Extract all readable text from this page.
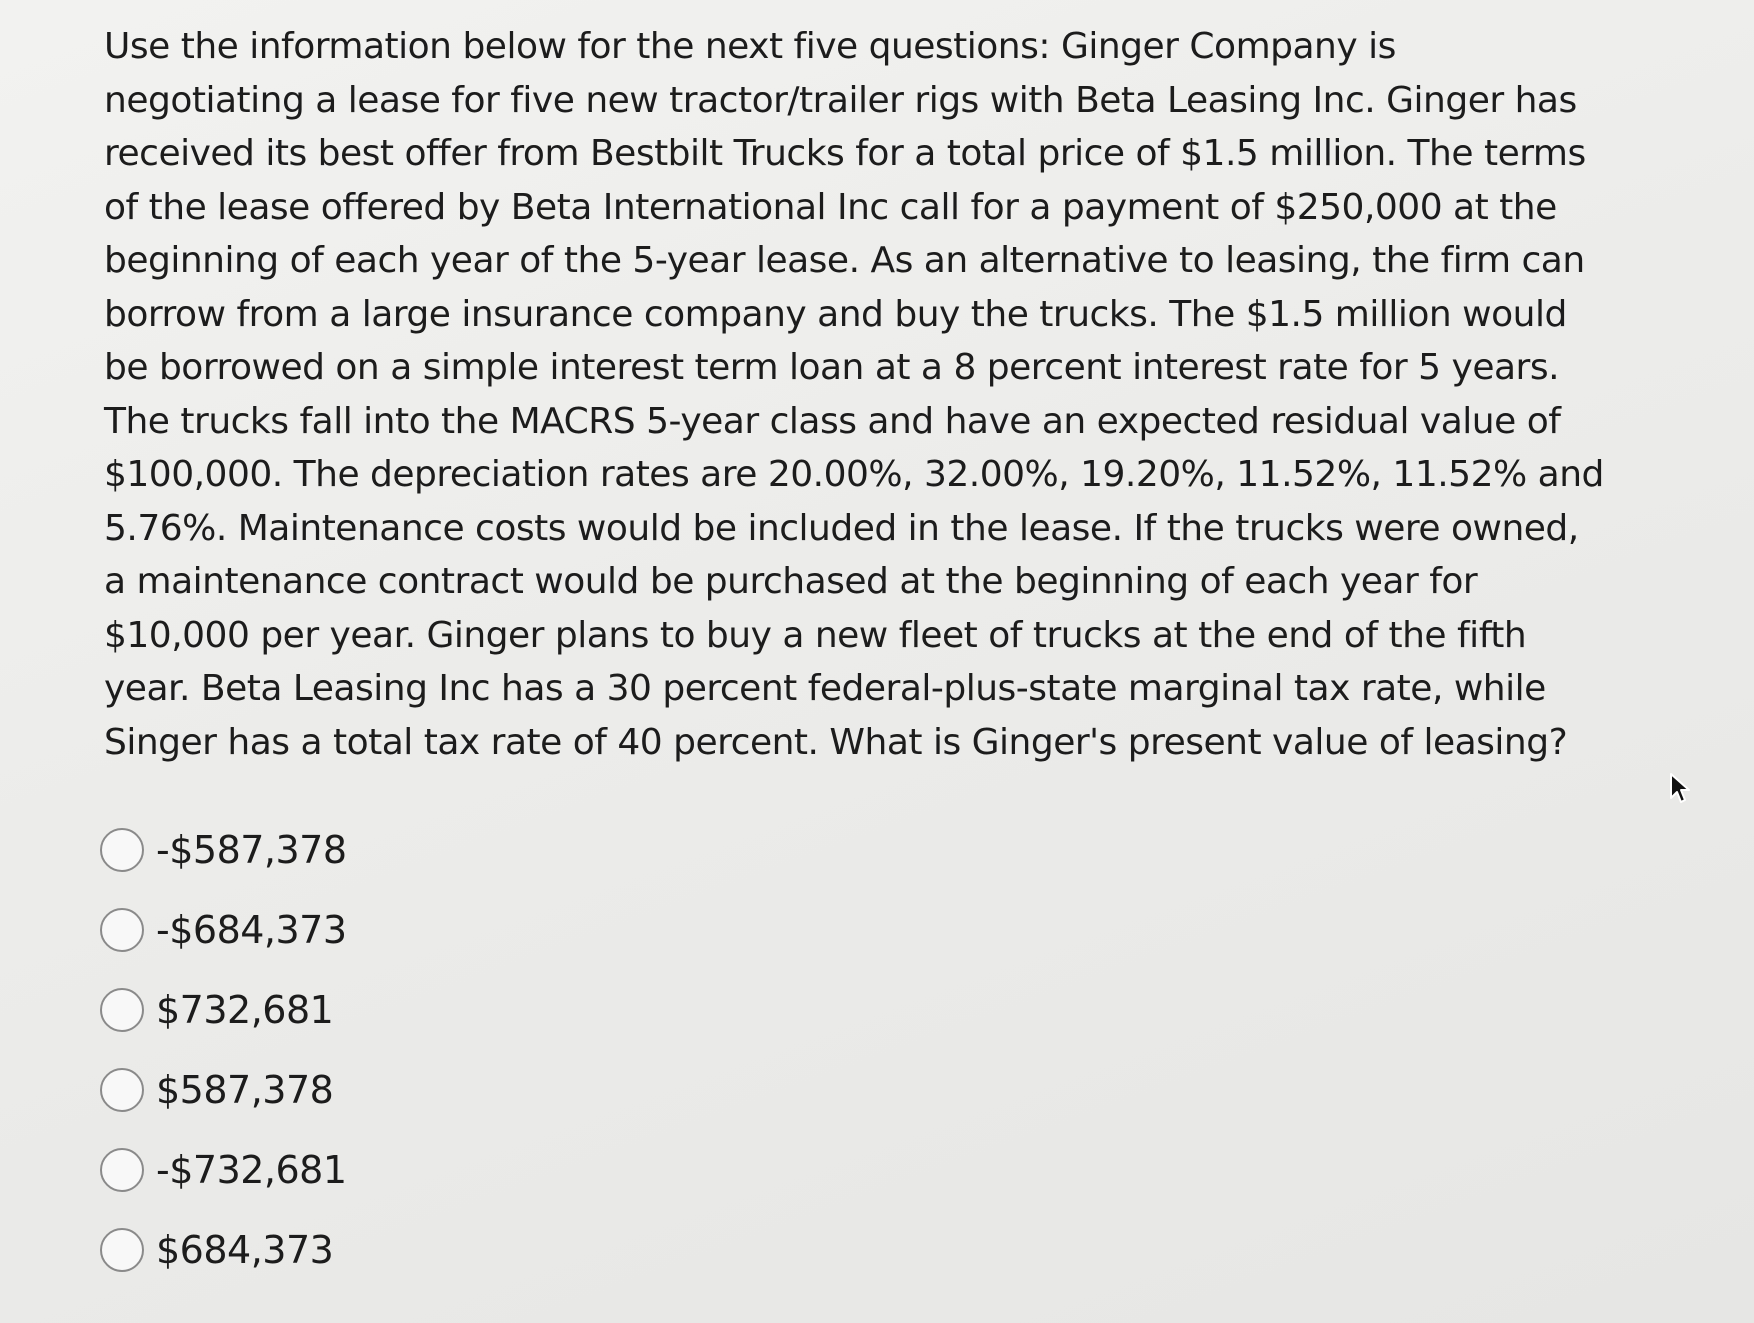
Use the information below for the next five questions: Ginger Company is
negotiating a lease for five new tractor/trailer rigs with Beta Leasing Inc. Ginger has
received its best offer from Bestbilt Trucks for a total price of $1.5 million. The terms
of the lease offered by Beta International Inc call for a payment of $250,000 at the
beginning of each year of the 5-year lease. As an alternative to leasing, the firm can
borrow from a large insurance company and buy the trucks. The $1.5 million would
be borrowed on a simple interest term loan at a 8 percent interest rate for 5 years.
The trucks fall into the MACRS 5-year class and have an expected residual value of
$100,000. The depreciation rates are 20.00%, 32.00%, 19.20%, 11.52%, 11.52% and
5.76%. Maintenance costs would be included in the lease. If the trucks were owned,
a maintenance contract would be purchased at the beginning of each year for
$10,000 per year. Ginger plans to buy a new fleet of trucks at the end of the fifth
year. Beta Leasing Inc has a 30 percent federal-plus-state marginal tax rate, while
Singer has a total tax rate of 40 percent. What is Ginger's present value of leasing?
-$587,378
-$684,373
$732,681
$587,378
-$732,681
$684,373
